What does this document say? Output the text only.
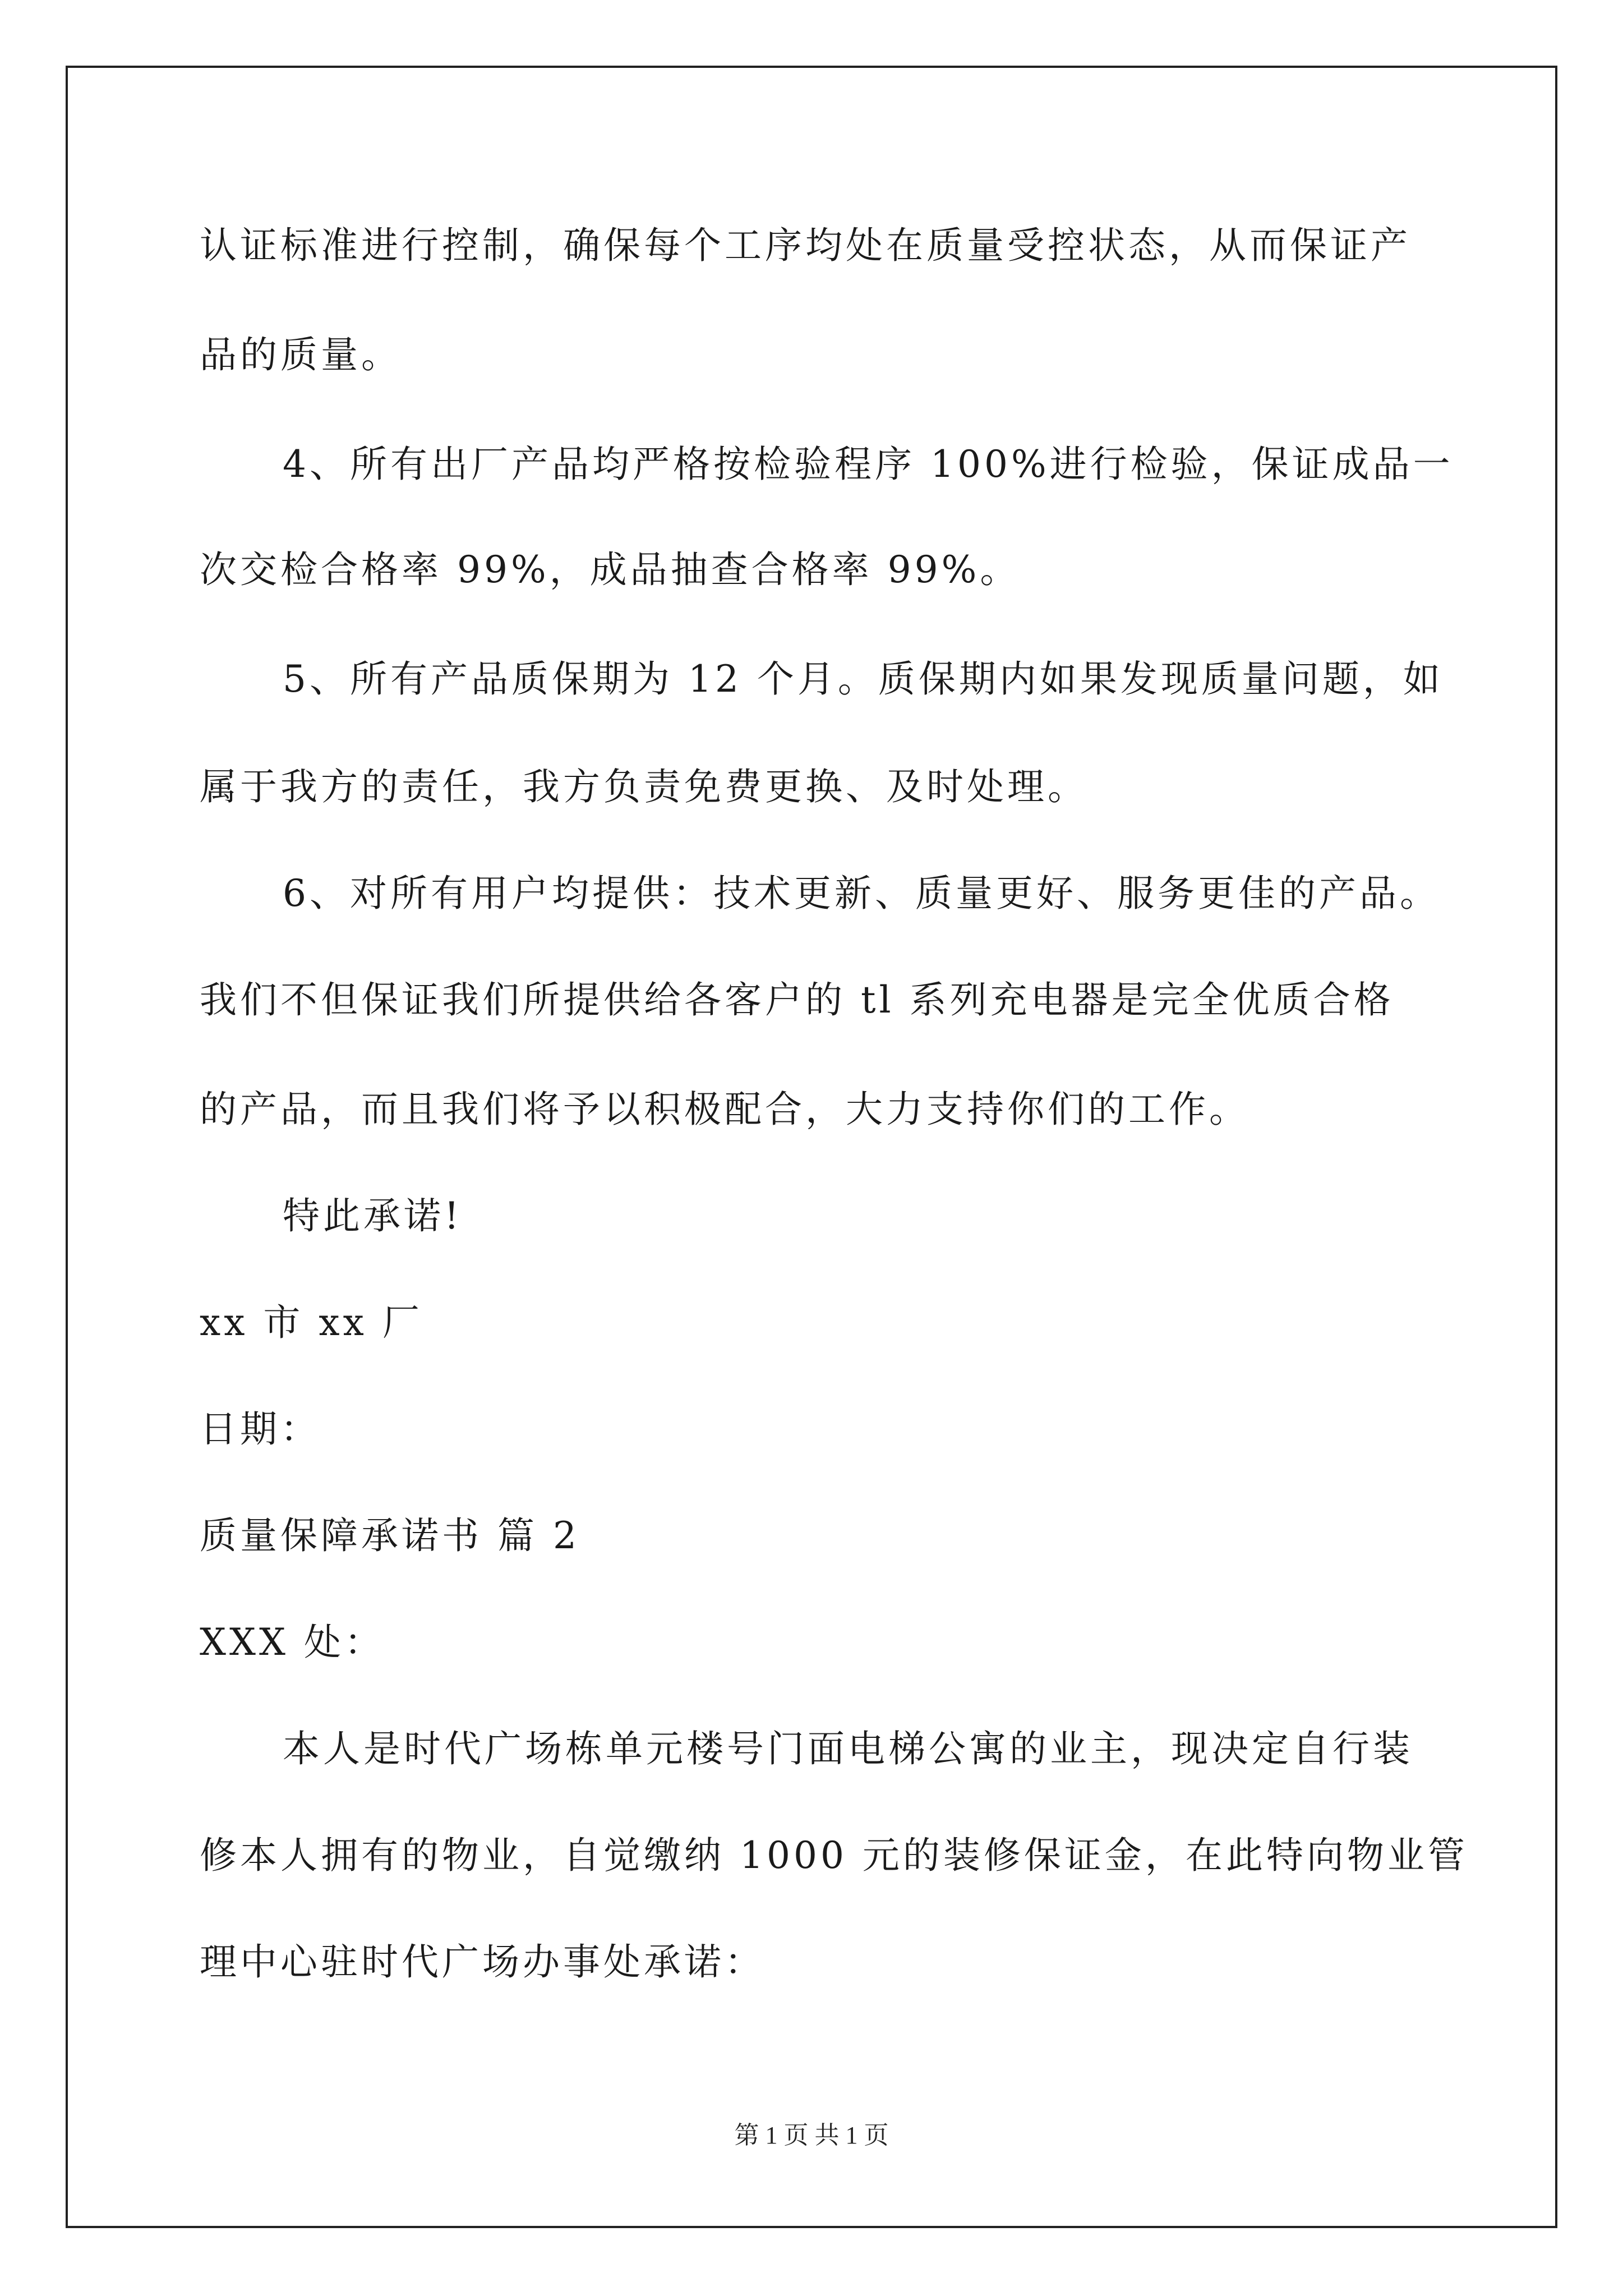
认证标准进行控制，确保每个工序均处在质量受控状态，从而保证产
品的质量。
4、所有出厂产品均严格按检验程序 100%进行检验，保证成品一
次交检合格率 99%，成品抽查合格率 99%。
5、所有产品质保期为 12 个月。质保期内如果发现质量问题，如
属于我方的责任，我方负责免费更换、及时处理。
6、对所有用户均提供：技术更新、质量更好、服务更佳的产品。
我们不但保证我们所提供给各客户的 tl 系列充电器是完全优质合格
的产品，而且我们将予以积极配合，大力支持你们的工作。
特此承诺!
xx 市 xx 厂
日期：
质量保障承诺书 篇 2
XXX 处：
本人是时代广场栋单元楼号门面电梯公寓的业主，现决定自行装
修本人拥有的物业，自觉缴纳 1000 元的装修保证金，在此特向物业管
理中心驻时代广场办事处承诺：
第 1 页 共 1 页
